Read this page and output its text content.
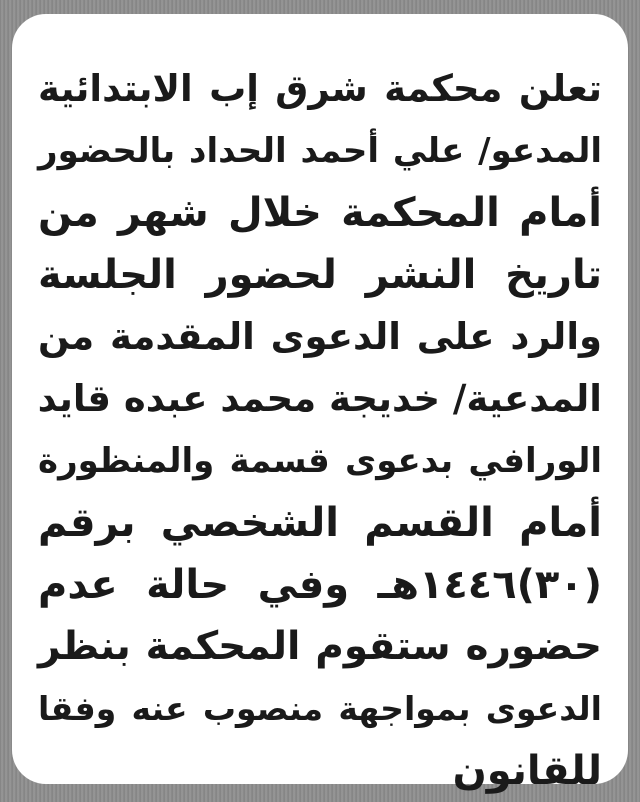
تعلن محكمة شرق إب الابتدائية
المدعو/ علي أحمد الحداد بالحضور
أمام المحكمة خلال شهر من
تاريخ النشر لحضور الجلسة
والرد على الدعوى المقدمة من
المدعية/ خديجة محمد عبده قايد
الورافي بدعوى قسمة والمنظورة
أمام القسم الشخصي برقم
(٣٠)١٤٤٦هـ وفي حالة عدم
حضوره ستقوم المحكمة بنظر
الدعوى بمواجهة منصوب عنه وفقا
للقانون
